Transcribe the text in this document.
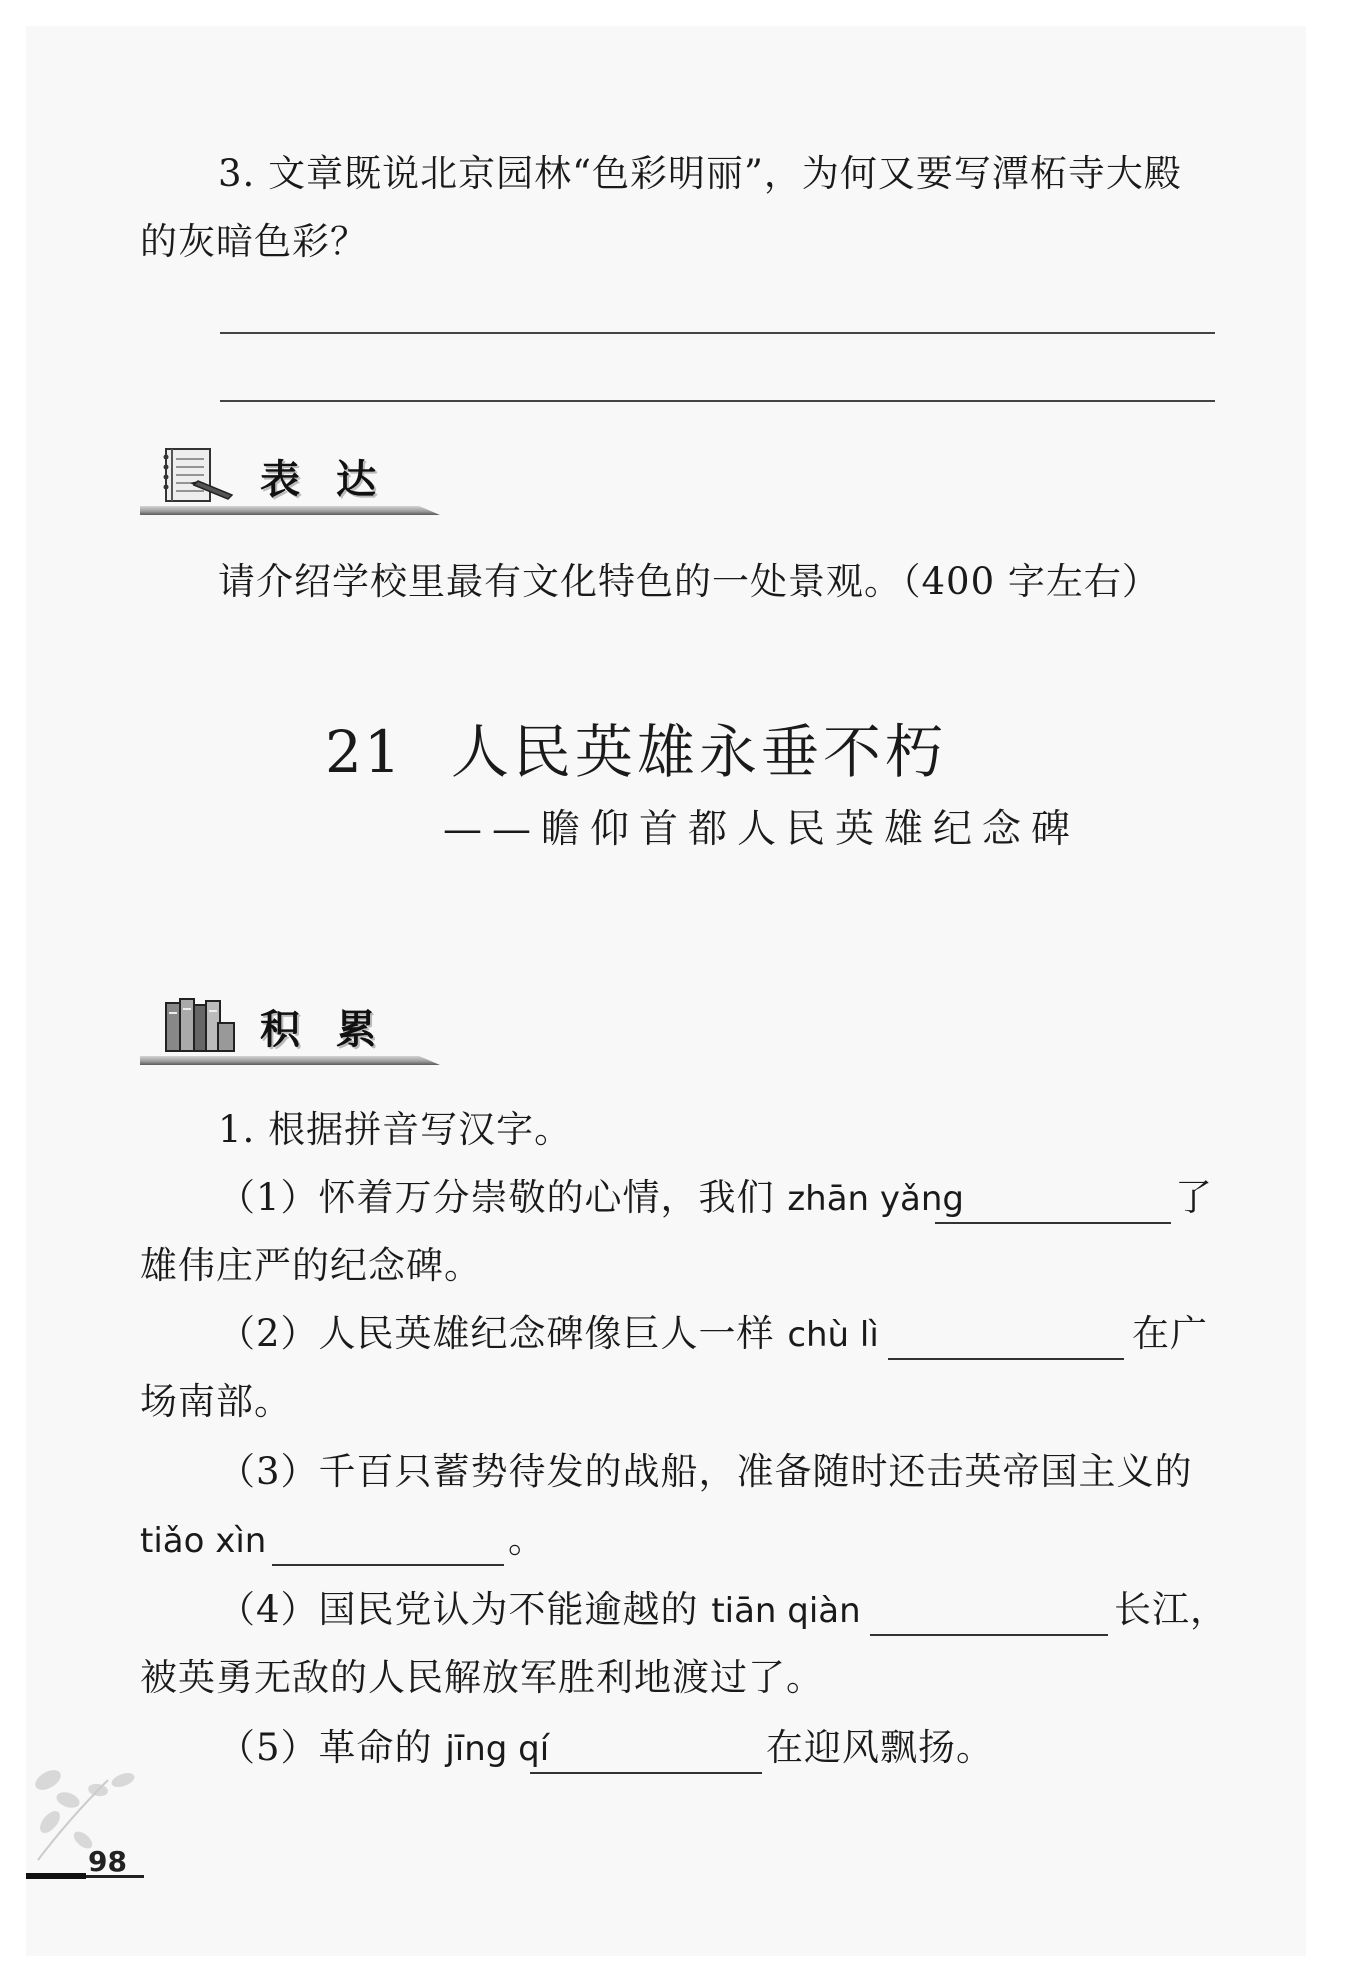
3. 文章既说北京园林“色彩明丽”，为何又要写潭柘寺大殿
的灰暗色彩？
表达
请介绍学校里最有文化特色的一处景观。（400 字左右）
21 人民英雄永垂不朽
——瞻仰首都人民英雄纪念碑
积累
1. 根据拼音写汉字。
（1）怀着万分崇敬的心情，我们 zhān yǎng	了
雄伟庄严的纪念碑。
（2）人民英雄纪念碑像巨人一样 chù lì	在广
场南部。
（3）千百只蓄势待发的战船，准备随时还击英帝国主义的
tiǎo xìn	。
（4）国民党认为不能逾越的 tiān qiàn	长江，
被英勇无敌的人民解放军胜利地渡过了。
（5）革命的 jīng qí	在迎风飘扬。
98
